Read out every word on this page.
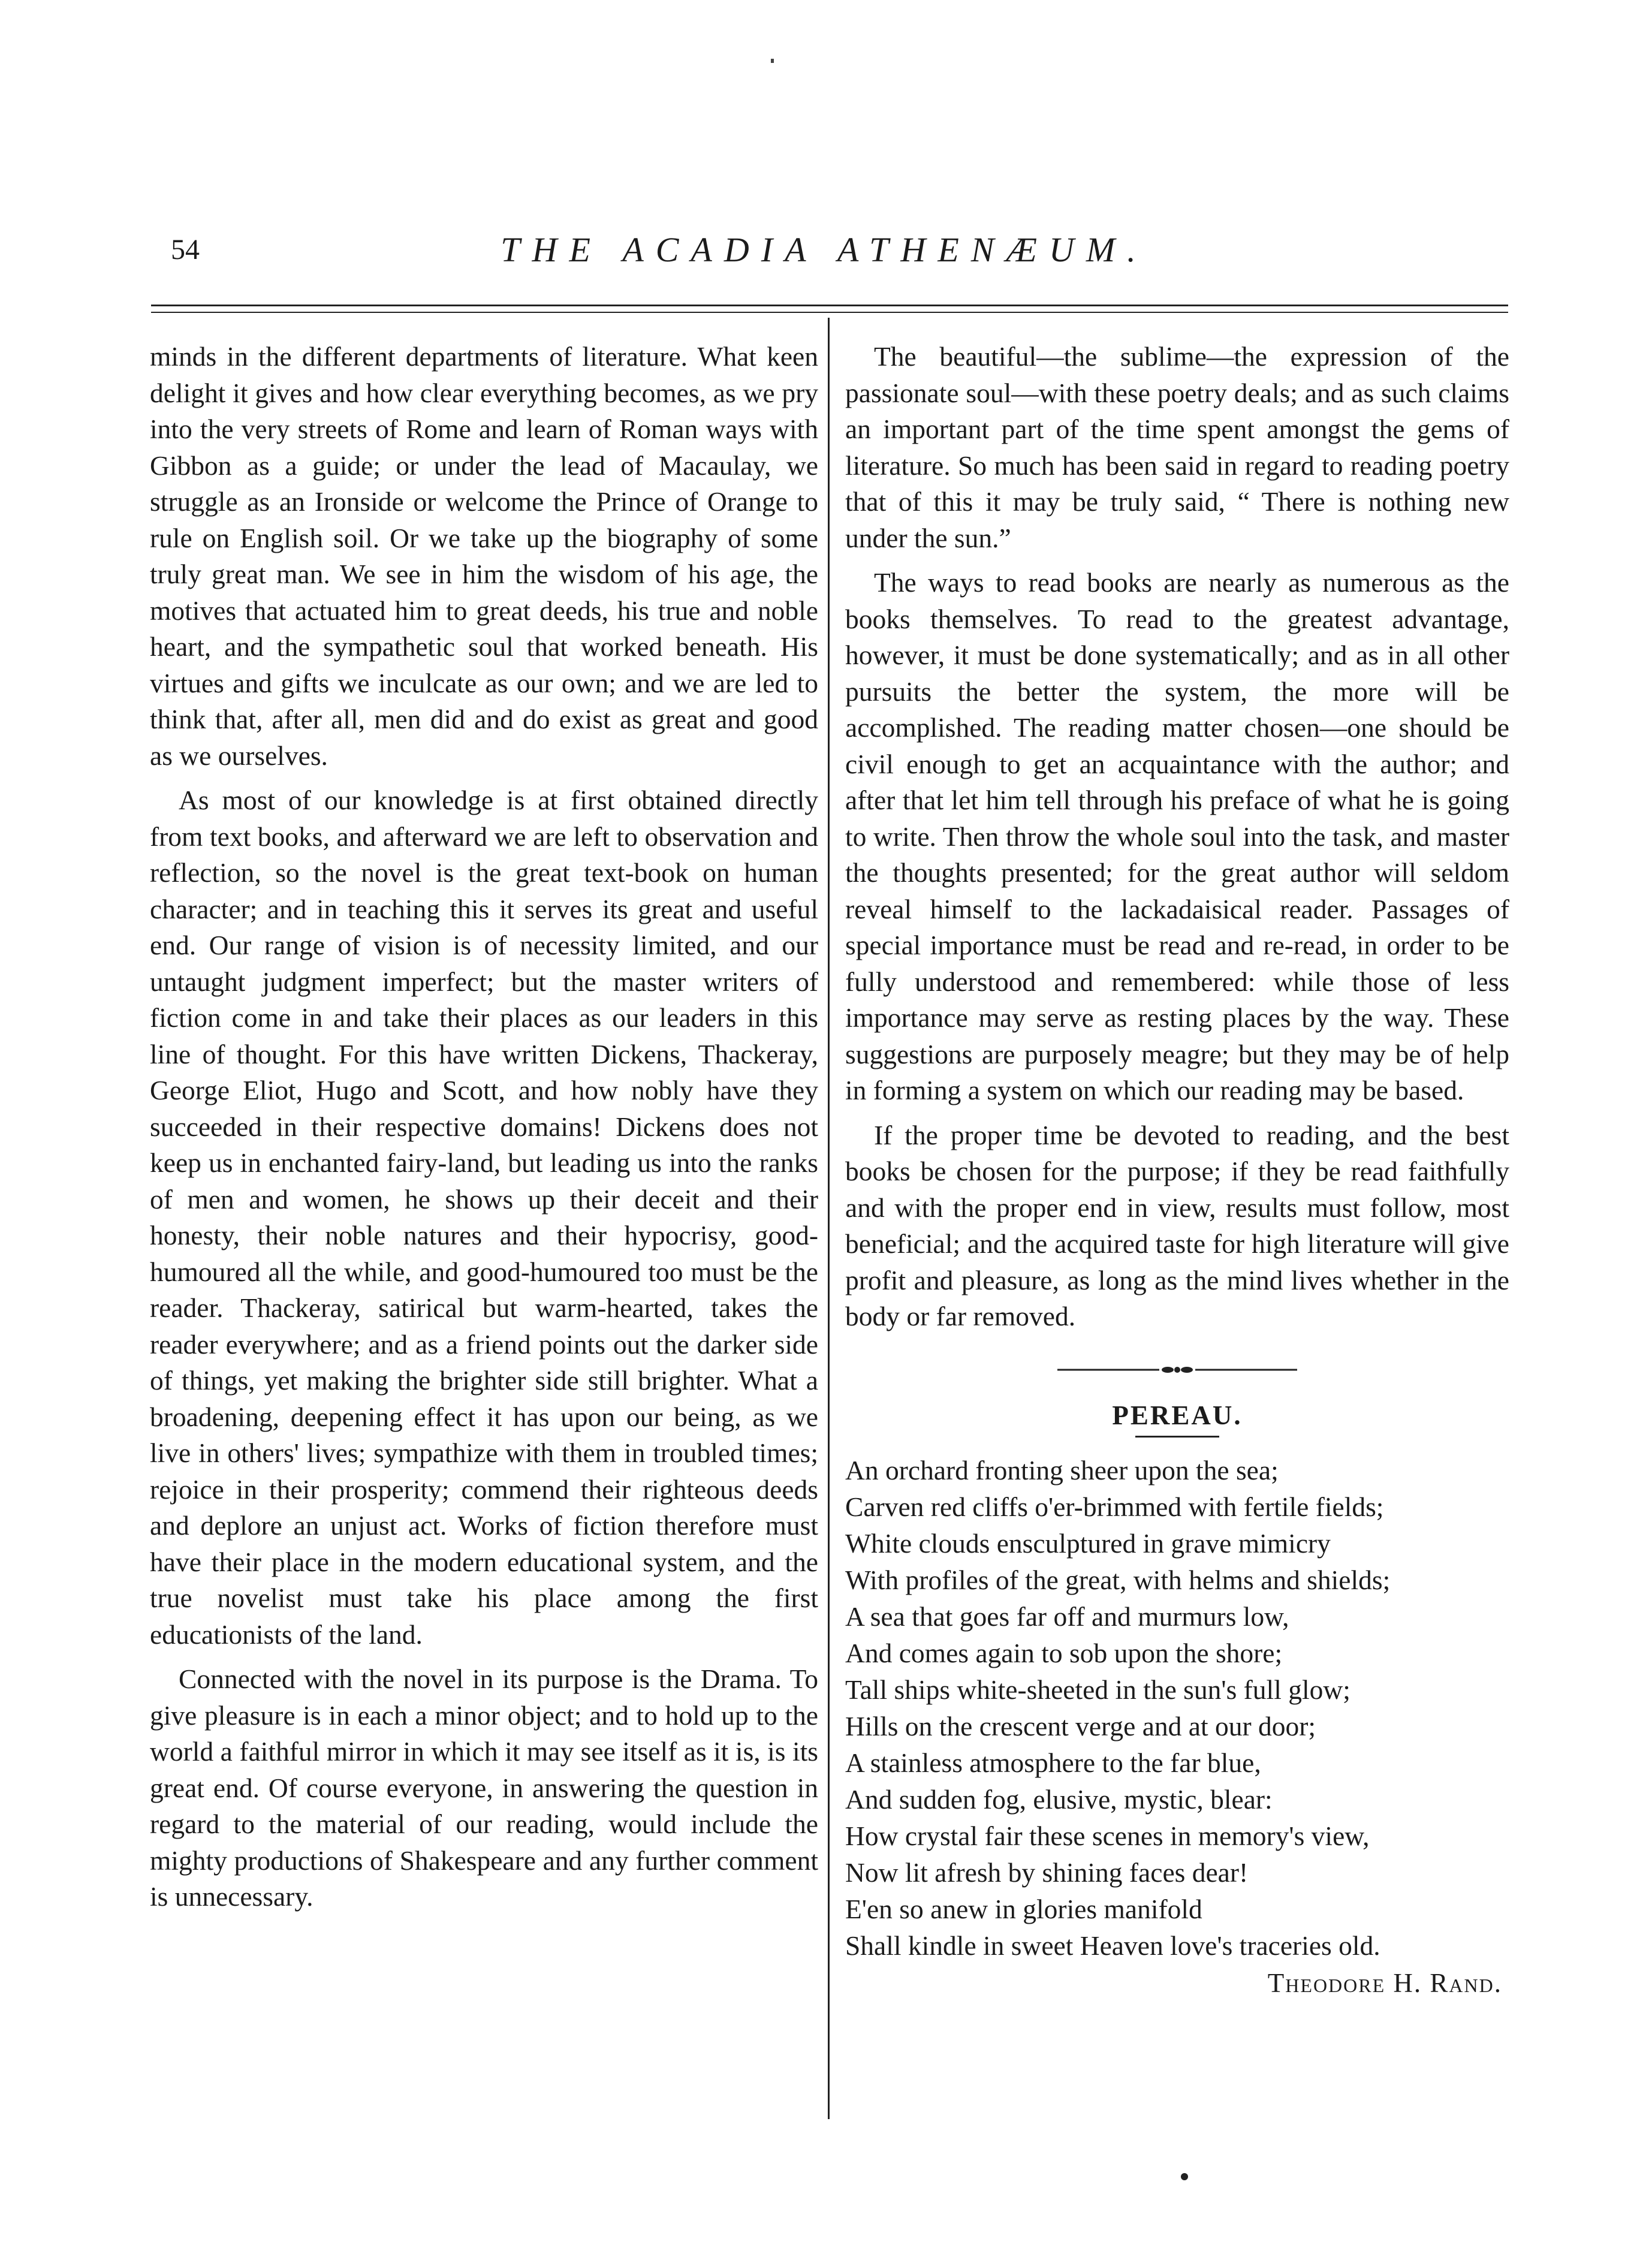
54	THE ACADIA ATHENÆUM.

minds in the different departments of literature. What keen delight it gives and how clear everything becomes, as we pry into the very streets of Rome and learn of Roman ways with Gibbon as a guide; or under the lead of Macaulay, we struggle as an Ironside or welcome the Prince of Orange to rule on English soil. Or we take up the biography of some truly great man. We see in him the wisdom of his age, the motives that actuated him to great deeds, his true and noble heart, and the sympathetic soul that worked beneath. His virtues and gifts we inculcate as our own; and we are led to think that, after all, men did and do exist as great and good as we ourselves.

As most of our knowledge is at first obtained directly from text books, and afterward we are left to observation and reflection, so the novel is the great text-book on human character; and in teaching this it serves its great and useful end. Our range of vision is of necessity limited, and our untaught judgment imperfect; but the master writers of fiction come in and take their places as our leaders in this line of thought. For this have written Dickens, Thackeray, George Eliot, Hugo and Scott, and how nobly have they succeeded in their respective domains! Dickens does not keep us in enchanted fairy-land, but leading us into the ranks of men and women, he shows up their deceit and their honesty, their noble natures and their hypocrisy, good-humoured all the while, and good-humoured too must be the reader. Thackeray, satirical but warm-hearted, takes the reader everywhere; and as a friend points out the darker side of things, yet making the brighter side still brighter. What a broadening, deepening effect it has upon our being, as we live in others' lives; sympathize with them in troubled times; rejoice in their prosperity; commend their righteous deeds and deplore an unjust act. Works of fiction therefore must have their place in the modern educational system, and the true novelist must take his place among the first educationists of the land.

Connected with the novel in its purpose is the Drama. To give pleasure is in each a minor object; and to hold up to the world a faithful mirror in which it may see itself as it is, is its great end. Of course everyone, in answering the question in regard to the material of our reading, would include the mighty productions of Shakespeare and any further comment is unnecessary.

The beautiful—the sublime—the expression of the passionate soul—with these poetry deals; and as such claims an important part of the time spent amongst the gems of literature. So much has been said in regard to reading poetry that of this it may be truly said, “ There is nothing new under the sun.”

The ways to read books are nearly as numerous as the books themselves. To read to the greatest advantage, however, it must be done systematically; and as in all other pursuits the better the system, the more will be accomplished. The reading matter chosen—one should be civil enough to get an acquaintance with the author; and after that let him tell through his preface of what he is going to write. Then throw the whole soul into the task, and master the thoughts presented; for the great author will seldom reveal himself to the lackadaisical reader. Passages of special importance must be read and re-read, in order to be fully understood and remembered: while those of less importance may serve as resting places by the way. These suggestions are purposely meagre; but they may be of help in forming a system on which our reading may be based.

If the proper time be devoted to reading, and the best books be chosen for the purpose; if they be read faithfully and with the proper end in view, results must follow, most beneficial; and the acquired taste for high literature will give profit and pleasure, as long as the mind lives whether in the body or far removed.

PEREAU.
An orchard fronting sheer upon the sea;
Carven red cliffs o'er-brimmed with fertile fields;
White clouds ensculptured in grave mimicry
With profiles of the great, with helms and shields;
A sea that goes far off and murmurs low,
And comes again to sob upon the shore;
Tall ships white-sheeted in the sun's full glow;
Hills on the crescent verge and at our door;
A stainless atmosphere to the far blue,
And sudden fog, elusive, mystic, blear:
How crystal fair these scenes in memory's view,
Now lit afresh by shining faces dear!
E'en so anew in glories manifold
Shall kindle in sweet Heaven love's traceries old.
Theodore H. Rand.
